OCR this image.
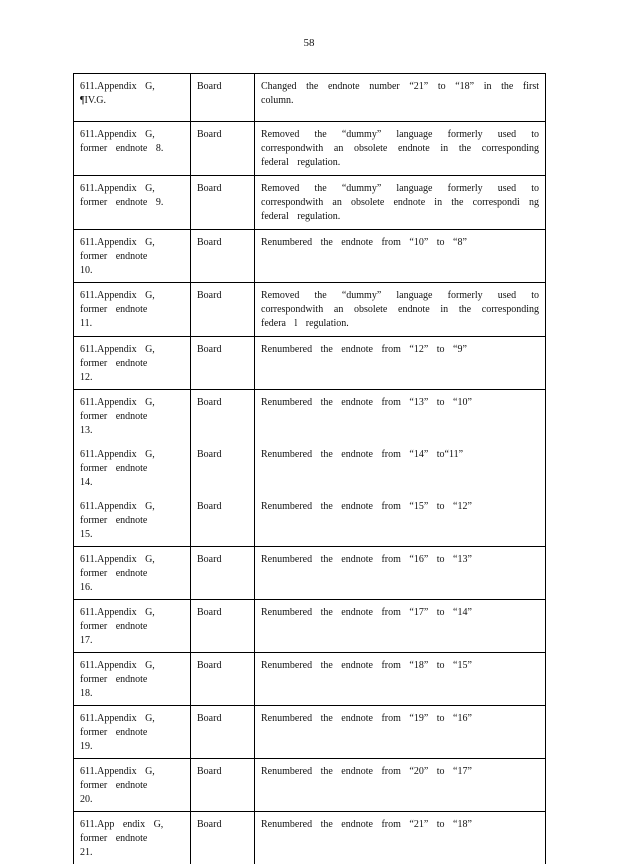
58
611.Appendix G, ¶IV.G.	Board	Changed the endnote number “21” to “18” in the first column.
611.Appendix G, former endnote 8.	Board	Removed the “dummy” language formerly used to correspondwith an obsolete endnote in the corresponding federal regulation.
611.Appendix G, former endnote 9.	Board	Removed the “dummy” language formerly used to correspondwith an obsolete endnote in the correspondi ng federal regulation.
611.Appendix G, former endnote 10.	Board	Renumbered the endnote from “10” to “8”
611.Appendix G, former endnote 11.	Board	Removed the “dummy” language formerly used to correspondwith an obsolete endnote in the corresponding federa l regulation.
611.Appendix G, former endnote 12.	Board	Renumbered the endnote from “12” to “9”
611.Appendix G, former endnote 13.	Board	Renumbered the endnote from “13” to “10”
611.Appendix G, former endnote 14.	Board	Renumbered the endnote from “14” to“11”
611.Appendix G, former endnote 15.	Board	Renumbered the endnote from “15” to “12”
611.Appendix G, former endnote 16.	Board	Renumbered the endnote from “16” to “13”
611.Appendix G, former endnote 17.	Board	Renumbered the endnote from “17” to “14”
611.Appendix G, former endnote 18.	Board	Renumbered the endnote from “18” to “15”
611.Appendix G, former endnote 19.	Board	Renumbered the endnote from “19” to “16”
611.Appendix G, former endnote 20.	Board	Renumbered the endnote from “20” to “17”
611.App endix G, former endnote 21.	Board	Renumbered the endnote from “21” to “18”
